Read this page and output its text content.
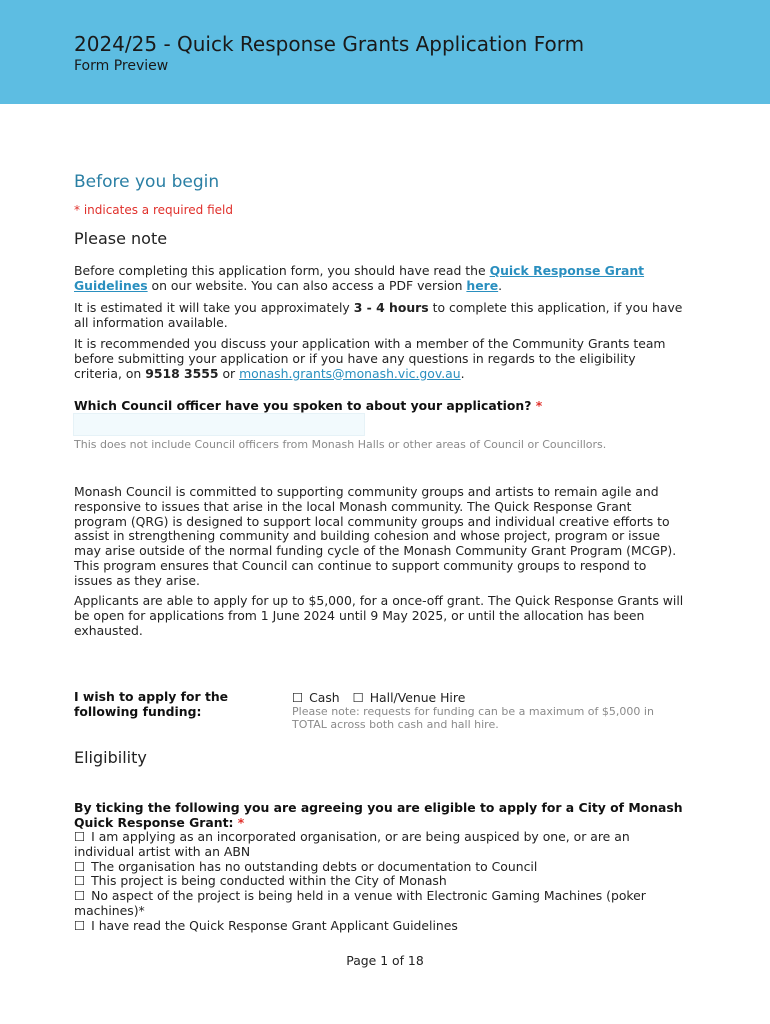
2024/25 - Quick Response Grants Application Form
Form Preview
Before you begin
* indicates a required field
Please note
Before completing this application form, you should have read the Quick Response Grant Guidelines on our website. You can also access a PDF version here.
It is estimated it will take you approximately 3 - 4 hours to complete this application, if you have all information available.
It is recommended you discuss your application with a member of the Community Grants team before submitting your application or if you have any questions in regards to the eligibility criteria, on 9518 3555 or monash.grants@monash.vic.gov.au.
Which Council officer have you spoken to about your application? *
This does not include Council officers from Monash Halls or other areas of Council or Councillors.
Monash Council is committed to supporting community groups and artists to remain agile and responsive to issues that arise in the local Monash community. The Quick Response Grant program (QRG) is designed to support local community groups and individual creative efforts to assist in strengthening community and building cohesion and whose project, program or issue may arise outside of the normal funding cycle of the Monash Community Grant Program (MCGP). This program ensures that Council can continue to support community groups to respond to issues as they arise.
Applicants are able to apply for up to $5,000, for a once-off grant. The Quick Response Grants will be open for applications from 1 June 2024 until 9 May 2025, or until the allocation has been exhausted.
I wish to apply for the following funding:
☐ Cash ☐ Hall/Venue Hire
Please note: requests for funding can be a maximum of $5,000 in TOTAL across both cash and hall hire.
Eligibility
By ticking the following you are agreeing you are eligible to apply for a City of Monash Quick Response Grant: *
☐ I am applying as an incorporated organisation, or are being auspiced by one, or are an individual artist with an ABN
☐ The organisation has no outstanding debts or documentation to Council
☐ This project is being conducted within the City of Monash
☐ No aspect of the project is being held in a venue with Electronic Gaming Machines (poker machines)*
☐ I have read the Quick Response Grant Applicant Guidelines
Page 1 of 18
